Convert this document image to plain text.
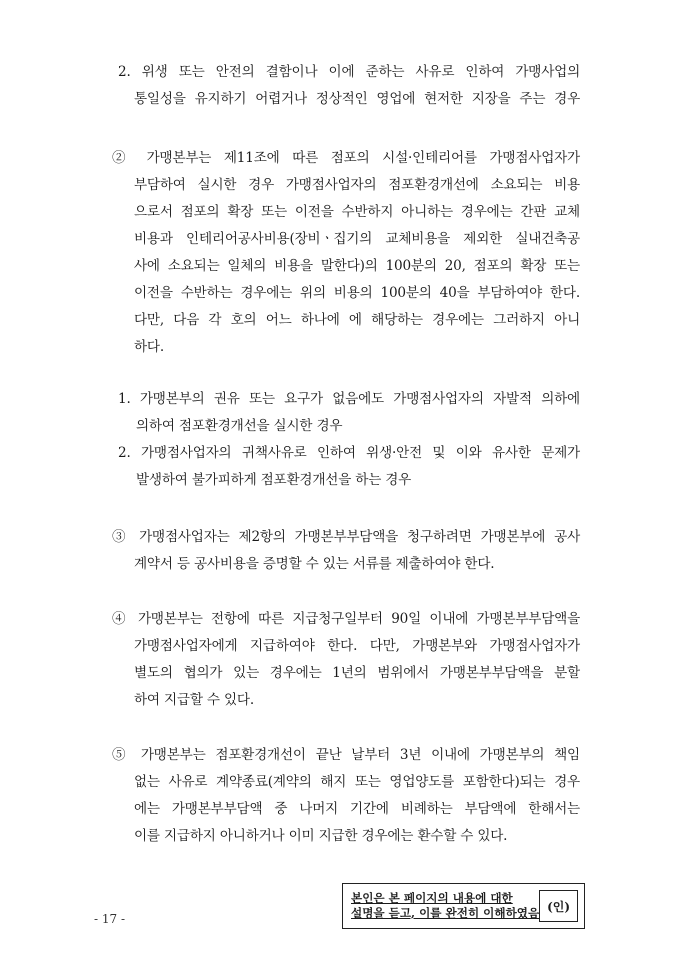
2. 위생 또는 안전의 결함이나 이에 준하는 사유로 인하여 가맹사업의
통일성을 유지하기 어렵거나 정상적인 영업에 현저한 지장을 주는 경우
② 가맹본부는 제11조에 따른 점포의 시설·인테리어를 가맹점사업자가
부담하여 실시한 경우 가맹점사업자의 점포환경개선에 소요되는 비용
으로서 점포의 확장 또는 이전을 수반하지 아니하는 경우에는 간판 교체
비용과 인테리어공사비용(장비ㆍ집기의 교체비용을 제외한 실내건축공
사에 소요되는 일체의 비용을 말한다)의 100분의 20, 점포의 확장 또는
이전을 수반하는 경우에는 위의 비용의 100분의 40을 부담하여야 한다.
다만, 다음 각 호의 어느 하나에 에 해당하는 경우에는 그러하지 아니
하다.
1. 가맹본부의 권유 또는 요구가 없음에도 가맹점사업자의 자발적 의하에
의하여 점포환경개선을 실시한 경우
2. 가맹점사업자의 귀책사유로 인하여 위생·안전 및 이와 유사한 문제가
발생하여 불가피하게 점포환경개선을 하는 경우
③ 가맹점사업자는 제2항의 가맹본부부담액을 청구하려면 가맹본부에 공사
계약서 등 공사비용을 증명할 수 있는 서류를 제출하여야 한다.
④ 가맹본부는 전항에 따른 지급청구일부터 90일 이내에 가맹본부부담액을
가맹점사업자에게 지급하여야 한다. 다만, 가맹본부와 가맹점사업자가
별도의 협의가 있는 경우에는 1년의 범위에서 가맹본부부담액을 분할
하여 지급할 수 있다.
⑤ 가맹본부는 점포환경개선이 끝난 날부터 3년 이내에 가맹본부의 책임
없는 사유로 계약종료(계약의 해지 또는 영업양도를 포함한다)되는 경우
에는 가맹본부부담액 중 나머지 기간에 비례하는 부담액에 한해서는
이를 지급하지 아니하거나 이미 지급한 경우에는 환수할 수 있다.
- 17 -
본인은 본 페이지의 내용에 대한
설명을 듣고, 이를 완전히 이해하였음 (인)
